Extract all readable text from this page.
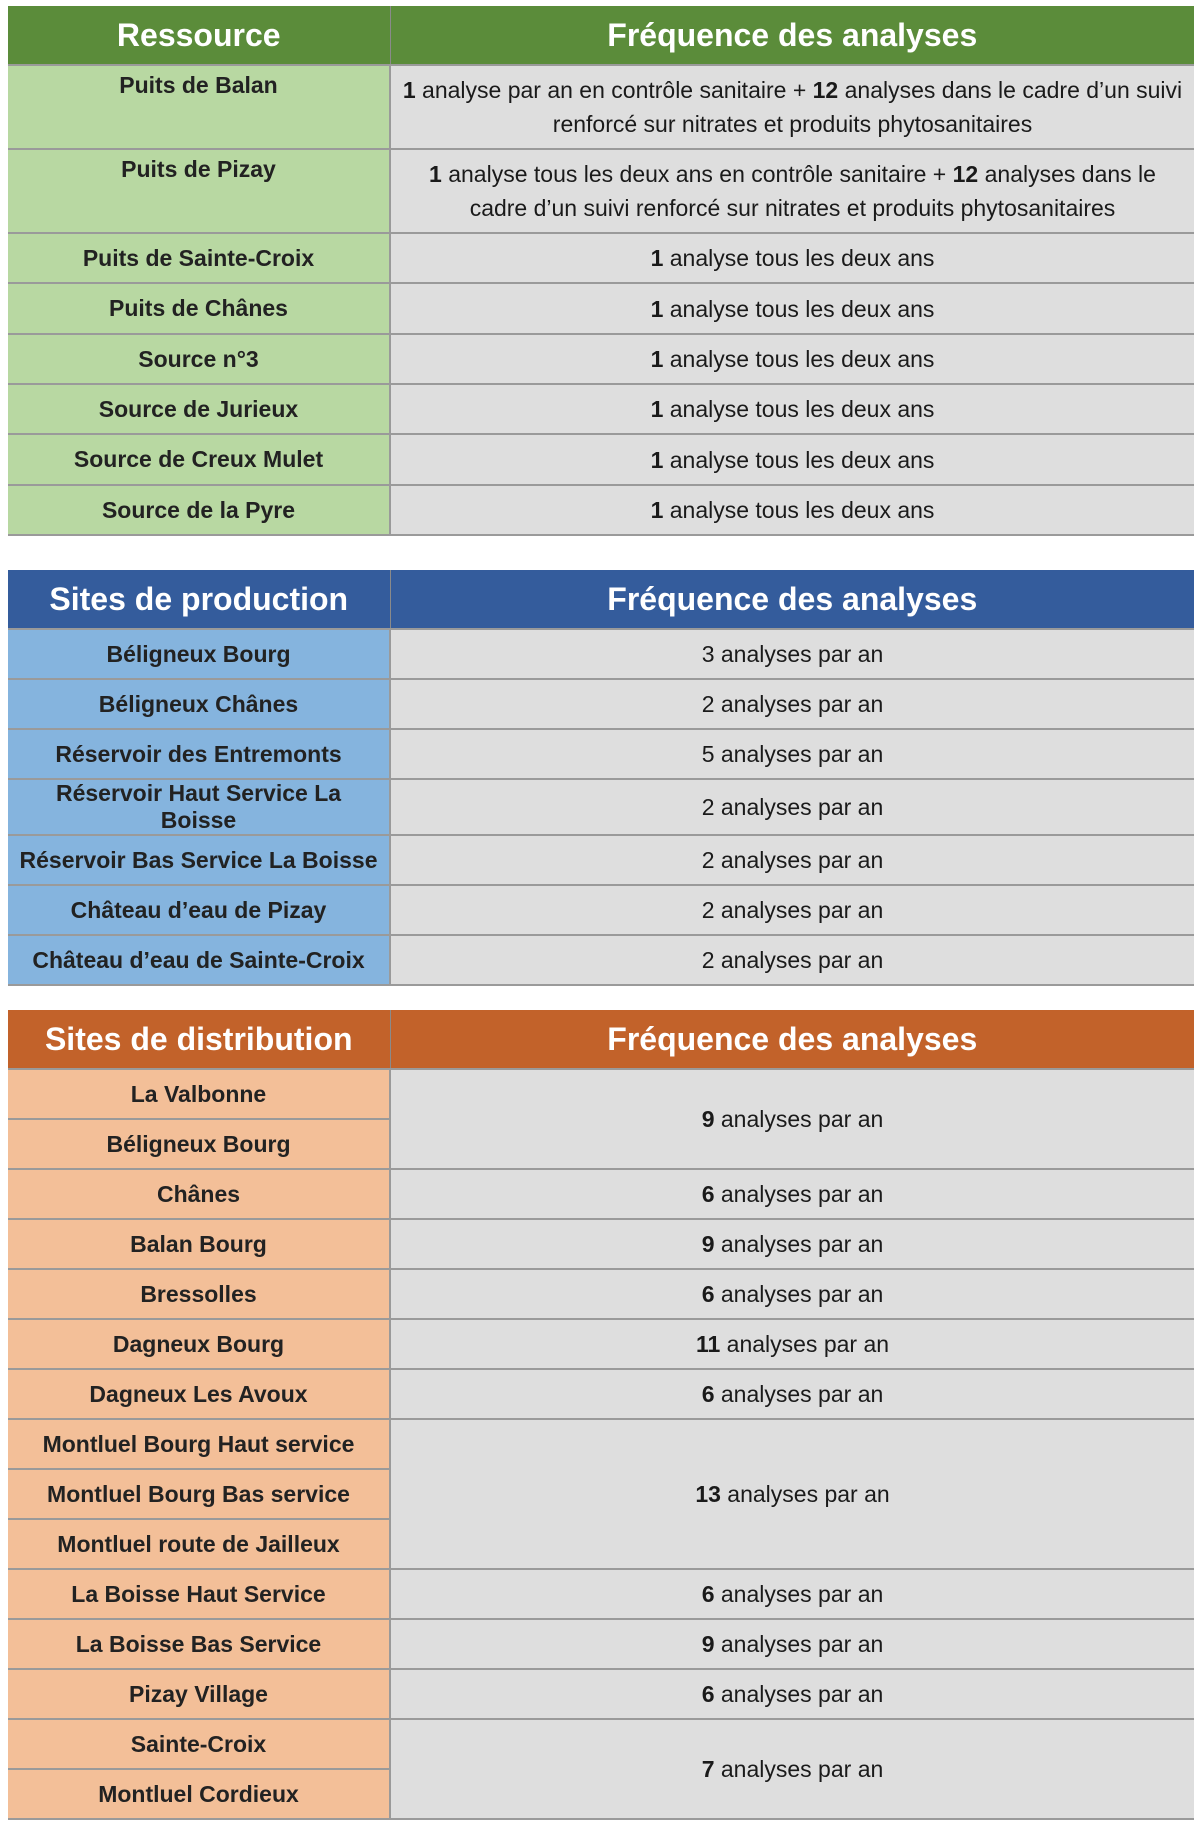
Ressource	Fréquence des analyses
Puits de Balan	1 analyse par an en contrôle sanitaire + 12 analyses dans le cadre d’un suivi renforcé sur nitrates et produits phytosanitaires
Puits de Pizay	1 analyse tous les deux ans en contrôle sanitaire + 12 analyses dans le cadre d’un suivi renforcé sur nitrates et produits phytosanitaires
Puits de Sainte-Croix	1 analyse tous les deux ans
Puits de Chânes	1 analyse tous les deux ans
Source n°3	1 analyse tous les deux ans
Source de Jurieux	1 analyse tous les deux ans
Source de Creux Mulet	1 analyse tous les deux ans
Source de la Pyre	1 analyse tous les deux ans
Sites de production	Fréquence des analyses
Béligneux Bourg	3 analyses par an
Béligneux Chânes	2 analyses par an
Réservoir des Entremonts	5 analyses par an
Réservoir Haut Service La Boisse	2 analyses par an
Réservoir Bas Service La Boisse	2 analyses par an
Château d’eau de Pizay	2 analyses par an
Château d’eau de Sainte-Croix	2 analyses par an
Sites de distribution	Fréquence des analyses
La Valbonne	9 analyses par an
Béligneux Bourg	
Chânes	6 analyses par an
Balan Bourg	9 analyses par an
Bressolles	6 analyses par an
Dagneux Bourg	11 analyses par an
Dagneux Les Avoux	6 analyses par an
Montluel Bourg Haut service	13 analyses par an
Montluel Bourg Bas service	
Montluel route de Jailleux	
La Boisse Haut Service	6 analyses par an
La Boisse Bas Service	9 analyses par an
Pizay Village	6 analyses par an
Sainte-Croix	7 analyses par an
Montluel Cordieux	
